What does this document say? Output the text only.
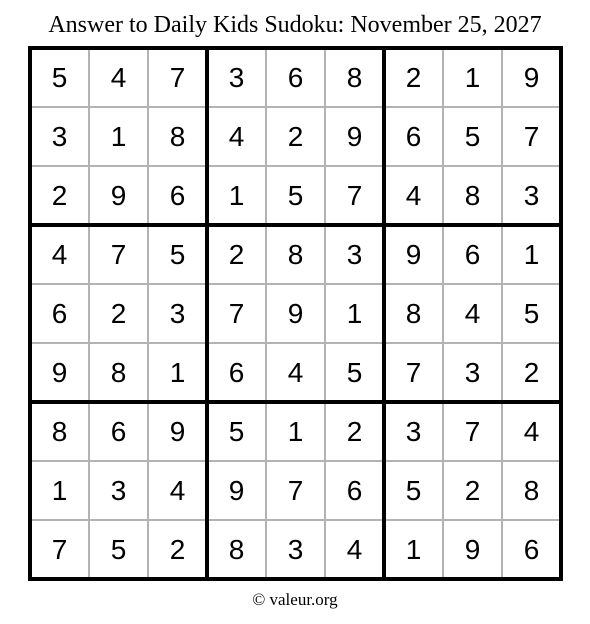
Answer to Daily Kids Sudoku: November 25, 2027
5	4	7	3	6	8	2	1	9
3	1	8	4	2	9	6	5	7
2	9	6	1	5	7	4	8	3
4	7	5	2	8	3	9	6	1
6	2	3	7	9	1	8	4	5
9	8	1	6	4	5	7	3	2
8	6	9	5	1	2	3	7	4
1	3	4	9	7	6	5	2	8
7	5	2	8	3	4	1	9	6
© valeur.org
